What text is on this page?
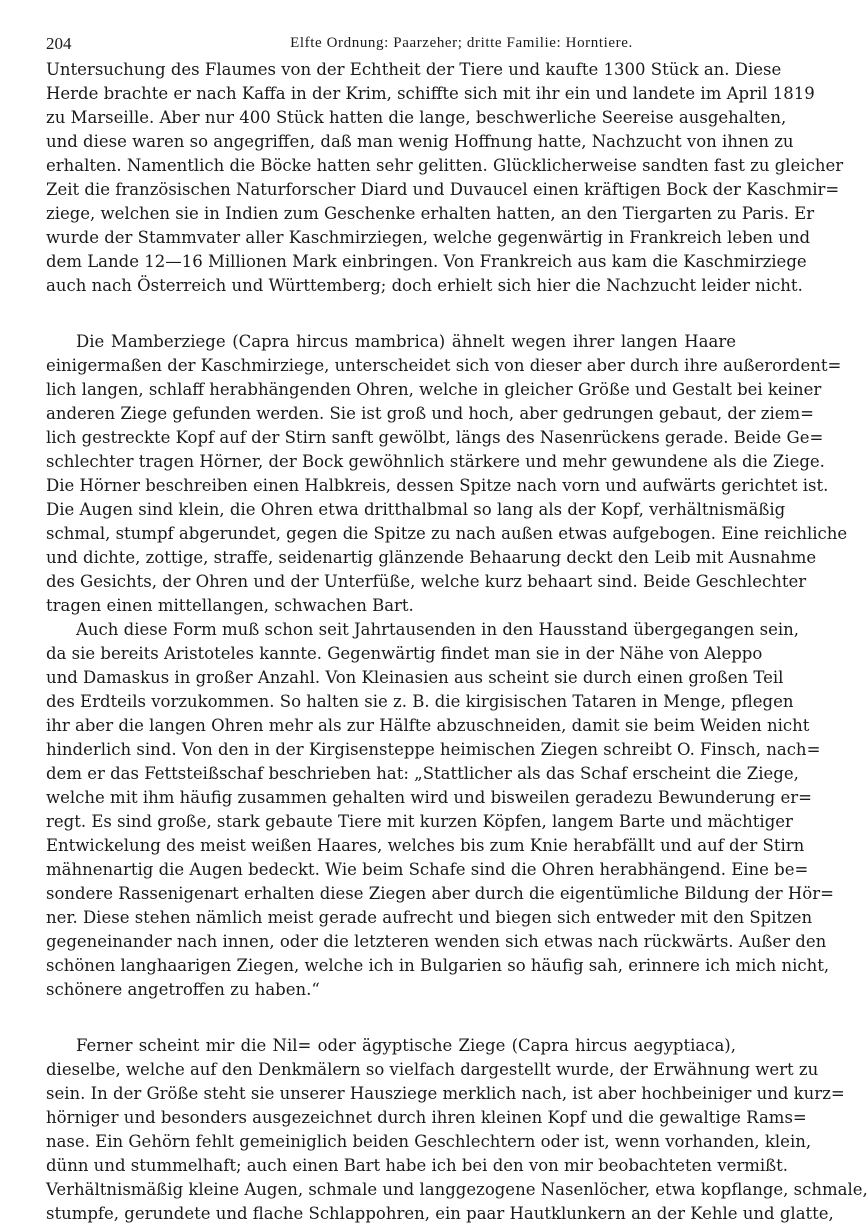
204	Elfte Ordnung: Paarzeher; dritte Familie: Horntiere.
Untersuchung des Flaumes von der Echtheit der Tiere und kaufte 1300 Stück an. Diese
Herde brachte er nach Kaffa in der Krim, schiffte sich mit ihr ein und landete im April 1819
zu Marseille. Aber nur 400 Stück hatten die lange, beschwerliche Seereise ausgehalten,
und diese waren so angegriffen, daß man wenig Hoffnung hatte, Nachzucht von ihnen zu
erhalten. Namentlich die Böcke hatten sehr gelitten. Glücklicherweise sandten fast zu gleicher
Zeit die französischen Naturforscher Diard und Duvaucel einen kräftigen Bock der Kaschmir=
ziege, welchen sie in Indien zum Geschenke erhalten hatten, an den Tiergarten zu Paris. Er
wurde der Stammvater aller Kaschmirziegen, welche gegenwärtig in Frankreich leben und
dem Lande 12—16 Millionen Mark einbringen. Von Frankreich aus kam die Kaschmirziege
auch nach Österreich und Württemberg; doch erhielt sich hier die Nachzucht leider nicht.
Die Mamberziege (Capra hircus mambrica) ähnelt wegen ihrer langen Haare
einigermaßen der Kaschmirziege, unterscheidet sich von dieser aber durch ihre außerordent=
lich langen, schlaff herabhängenden Ohren, welche in gleicher Größe und Gestalt bei keiner
anderen Ziege gefunden werden. Sie ist groß und hoch, aber gedrungen gebaut, der ziem=
lich gestreckte Kopf auf der Stirn sanft gewölbt, längs des Nasenrückens gerade. Beide Ge=
schlechter tragen Hörner, der Bock gewöhnlich stärkere und mehr gewundene als die Ziege.
Die Hörner beschreiben einen Halbkreis, dessen Spitze nach vorn und aufwärts gerichtet ist.
Die Augen sind klein, die Ohren etwa dritthalbmal so lang als der Kopf, verhältnismäßig
schmal, stumpf abgerundet, gegen die Spitze zu nach außen etwas aufgebogen. Eine reichliche
und dichte, zottige, straffe, seidenartig glänzende Behaarung deckt den Leib mit Ausnahme
des Gesichts, der Ohren und der Unterfüße, welche kurz behaart sind. Beide Geschlechter
tragen einen mittellangen, schwachen Bart.
Auch diese Form muß schon seit Jahrtausenden in den Hausstand übergegangen sein,
da sie bereits Aristoteles kannte. Gegenwärtig findet man sie in der Nähe von Aleppo
und Damaskus in großer Anzahl. Von Kleinasien aus scheint sie durch einen großen Teil
des Erdteils vorzukommen. So halten sie z. B. die kirgisischen Tataren in Menge, pflegen
ihr aber die langen Ohren mehr als zur Hälfte abzuschneiden, damit sie beim Weiden nicht
hinderlich sind. Von den in der Kirgisensteppe heimischen Ziegen schreibt O. Finsch, nach=
dem er das Fettsteißschaf beschrieben hat: „Stattlicher als das Schaf erscheint die Ziege,
welche mit ihm häufig zusammen gehalten wird und bisweilen geradezu Bewunderung er=
regt. Es sind große, stark gebaute Tiere mit kurzen Köpfen, langem Barte und mächtiger
Entwickelung des meist weißen Haares, welches bis zum Knie herabfällt und auf der Stirn
mähnenartig die Augen bedeckt. Wie beim Schafe sind die Ohren herabhängend. Eine be=
sondere Rassenigenart erhalten diese Ziegen aber durch die eigentümliche Bildung der Hör=
ner. Diese stehen nämlich meist gerade aufrecht und biegen sich entweder mit den Spitzen
gegeneinander nach innen, oder die letzteren wenden sich etwas nach rückwärts. Außer den
schönen langhaarigen Ziegen, welche ich in Bulgarien so häufig sah, erinnere ich mich nicht,
schönere angetroffen zu haben.“
Ferner scheint mir die Nil= oder ägyptische Ziege (Capra hircus aegyptiaca),
dieselbe, welche auf den Denkmälern so vielfach dargestellt wurde, der Erwähnung wert zu
sein. In der Größe steht sie unserer Hausziege merklich nach, ist aber hochbeiniger und kurz=
hörniger und besonders ausgezeichnet durch ihren kleinen Kopf und die gewaltige Rams=
nase. Ein Gehörn fehlt gemeiniglich beiden Geschlechtern oder ist, wenn vorhanden, klein,
dünn und stummelhaft; auch einen Bart habe ich bei den von mir beobachteten vermißt.
Verhältnismäßig kleine Augen, schmale und langgezogene Nasenlöcher, etwa kopflange, schmale,
stumpfe, gerundete und flache Schlappohren, ein paar Hautklunkern an der Kehle und glatte,
